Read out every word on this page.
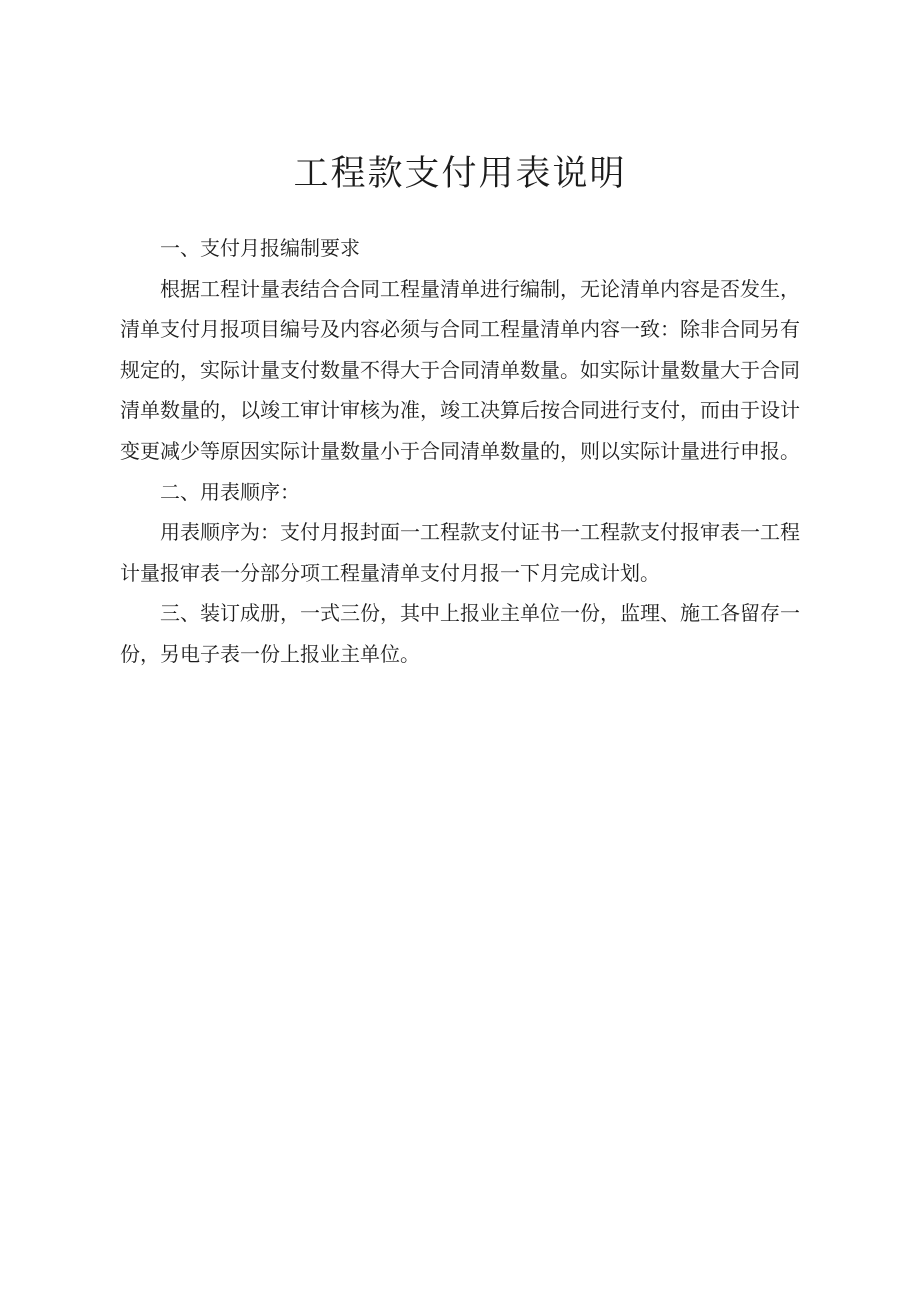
工程款支付用表说明

一、支付月报编制要求

根据工程计量表结合合同工程量清单进行编制，无论清单内容是否发生，清单支付月报项目编号及内容必须与合同工程量清单内容一致：除非合同另有规定的，实际计量支付数量不得大于合同清单数量。如实际计量数量大于合同清单数量的，以竣工审计审核为准，竣工决算后按合同进行支付，而由于设计变更减少等原因实际计量数量小于合同清单数量的，则以实际计量进行申报。

二、用表顺序：

用表顺序为：支付月报封面一工程款支付证书一工程款支付报审表一工程计量报审表一分部分项工程量清单支付月报一下月完成计划。

三、装订成册，一式三份，其中上报业主单位一份，监理、施工各留存一份，另电子表一份上报业主单位。
